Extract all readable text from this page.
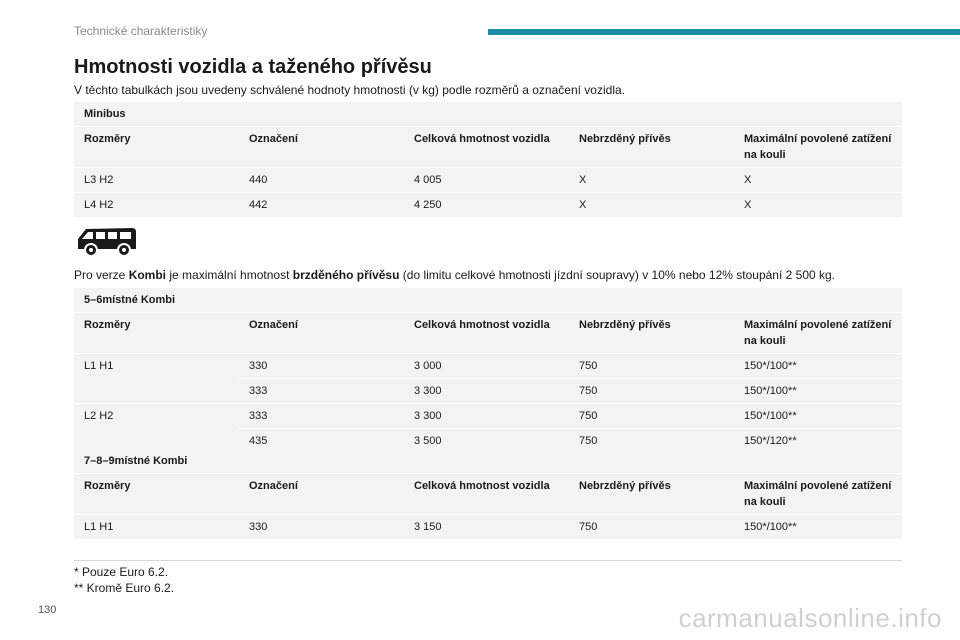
Technické charakteristiky
Hmotnosti vozidla a taženého přívěsu
V těchto tabulkách jsou uvedeny schválené hodnoty hmotnosti (v kg) podle rozměrů a označení vozidla.
Minibus				
Rozměry	Označení	Celková hmotnost vozidla	Nebrzděný přívěs	Maximální povolené zatížení na kouli
L3 H2	440	4 005	X	X
L4 H2	442	4 250	X	X
Pro verze Kombi je maximální hmotnost brzděného přívěsu (do limitu celkové hmotnosti jízdní soupravy) v 10% nebo 12% stoupání 2 500 kg.
5–6místné Kombi				
Rozměry	Označení	Celková hmotnost vozidla	Nebrzděný přívěs	Maximální povolené zatížení na kouli
L1 H1	330	3 000	750	150*/100**
	333	3 300	750	150*/100**
L2 H2	333	3 300	750	150*/100**
	435	3 500	750	150*/120**
7–8–9místné Kombi				
Rozměry	Označení	Celková hmotnost vozidla	Nebrzděný přívěs	Maximální povolené zatížení na kouli
L1 H1	330	3 150	750	150*/100**
* Pouze Euro 6.2.
** Kromě Euro 6.2.
130	carmanualsonline.info
